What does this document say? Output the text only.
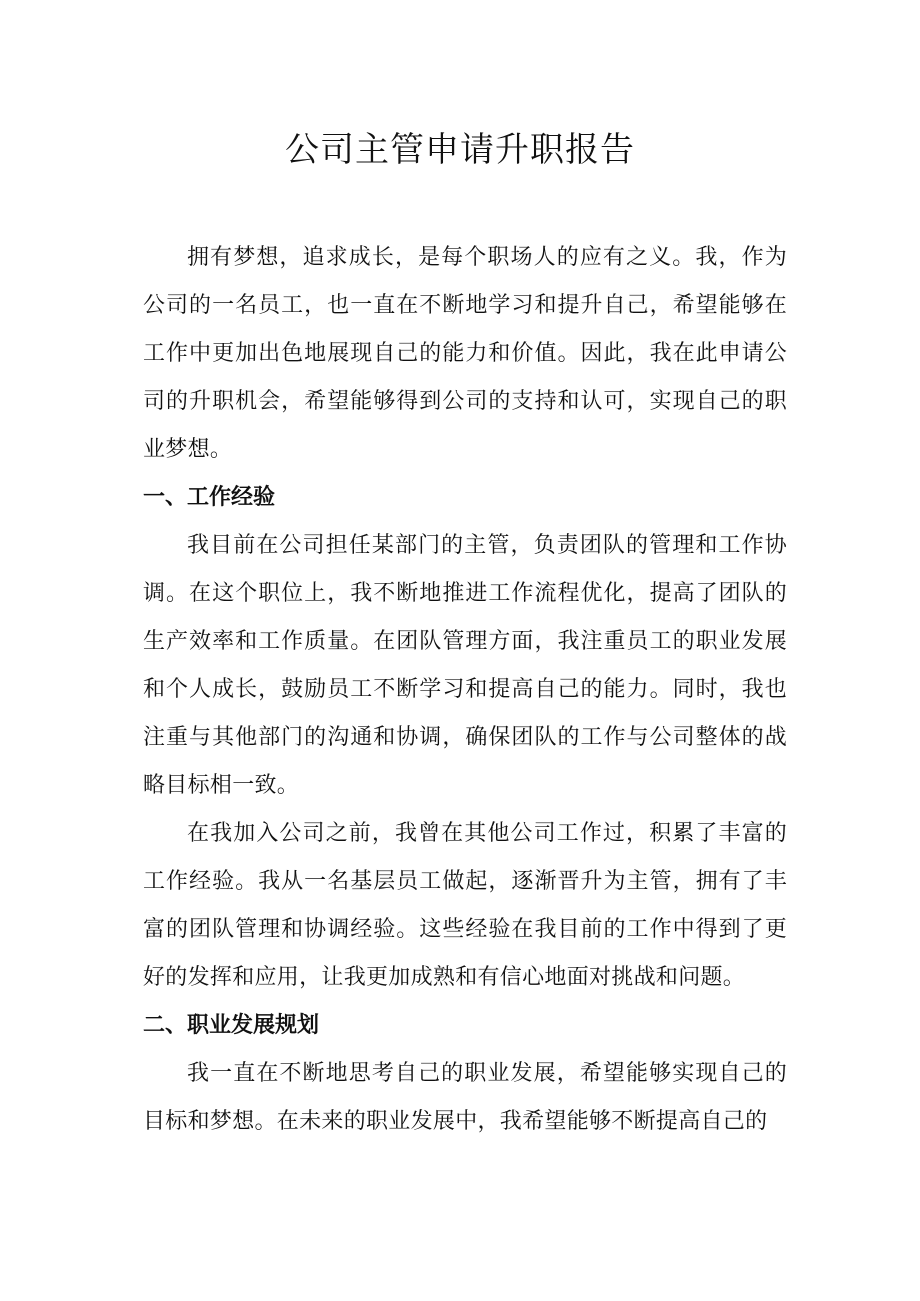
公司主管申请升职报告

拥有梦想，追求成长，是每个职场人的应有之义。我，作为公司的一名员工，也一直在不断地学习和提升自己，希望能够在工作中更加出色地展现自己的能力和价值。因此，我在此申请公司的升职机会，希望能够得到公司的支持和认可，实现自己的职业梦想。

一、工作经验

我目前在公司担任某部门的主管，负责团队的管理和工作协调。在这个职位上，我不断地推进工作流程优化，提高了团队的生产效率和工作质量。在团队管理方面，我注重员工的职业发展和个人成长，鼓励员工不断学习和提高自己的能力。同时，我也注重与其他部门的沟通和协调，确保团队的工作与公司整体的战略目标相一致。

在我加入公司之前，我曾在其他公司工作过，积累了丰富的工作经验。我从一名基层员工做起，逐渐晋升为主管，拥有了丰富的团队管理和协调经验。这些经验在我目前的工作中得到了更好的发挥和应用，让我更加成熟和有信心地面对挑战和问题。

二、职业发展规划

我一直在不断地思考自己的职业发展，希望能够实现自己的目标和梦想。在未来的职业发展中，我希望能够不断提高自己的
